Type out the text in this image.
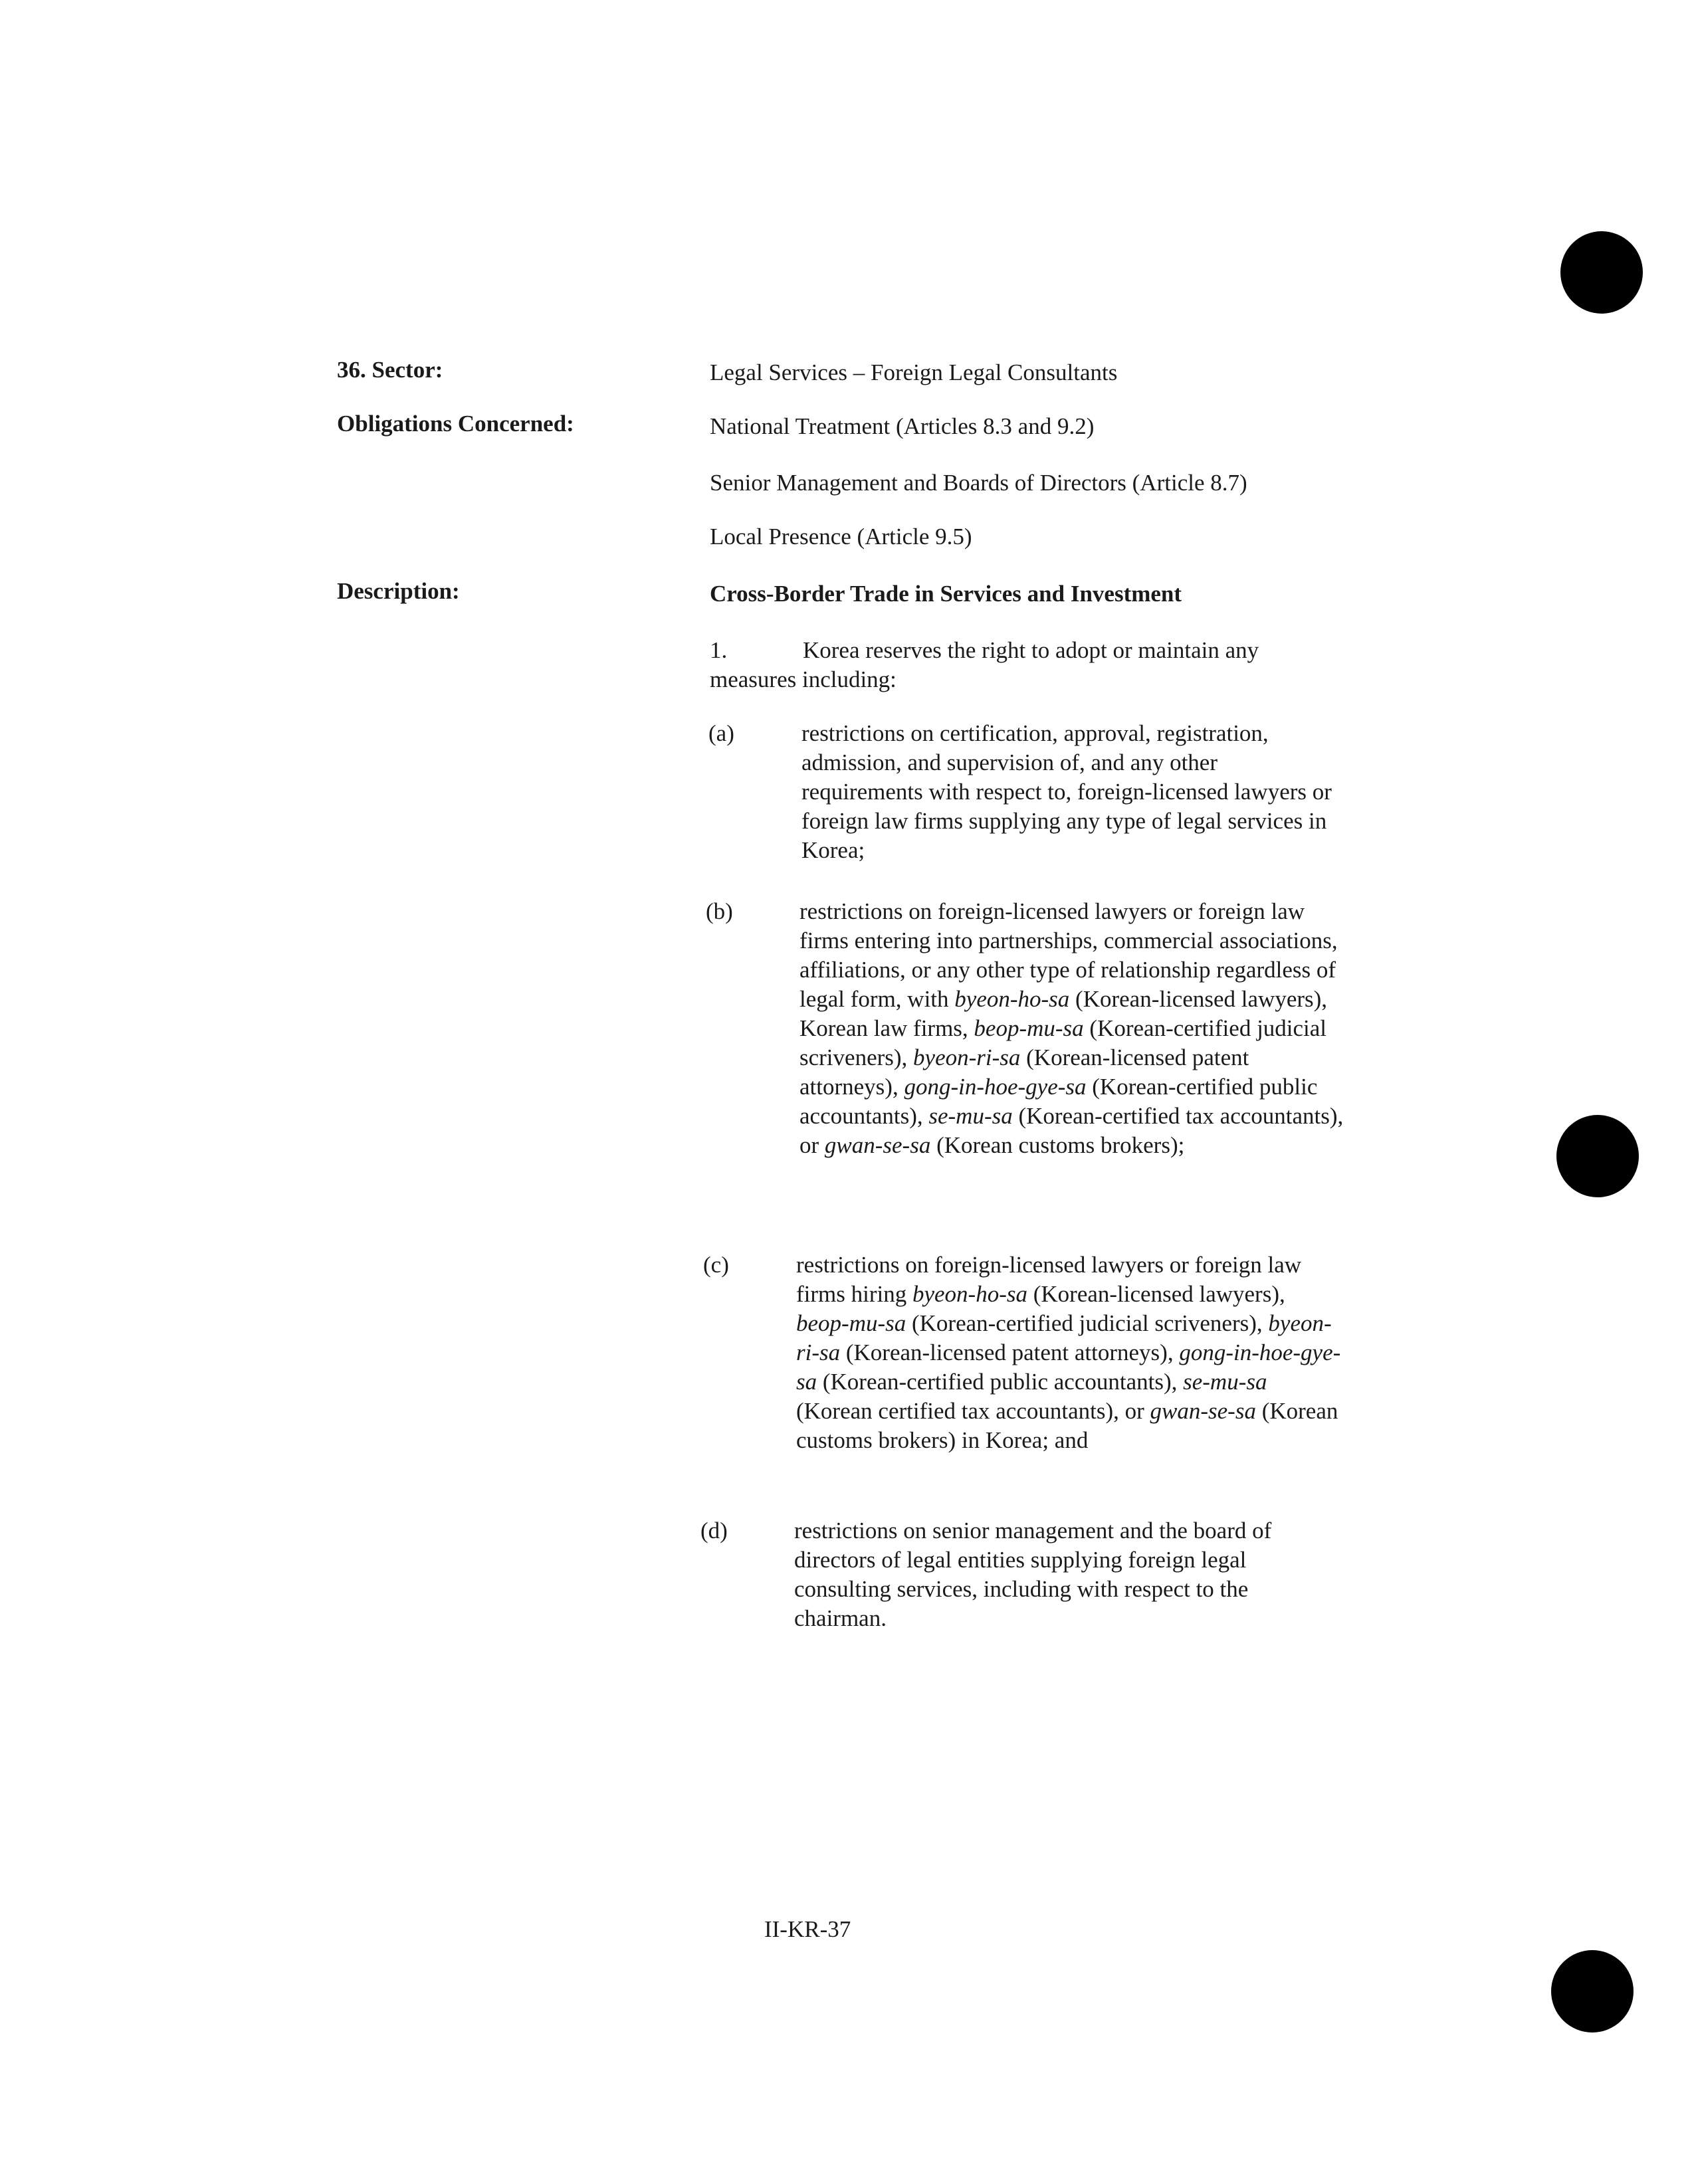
36. Sector:	Legal Services – Foreign Legal Consultants
Obligations Concerned:	National Treatment (Articles 8.3 and 9.2)
Senior Management and Boards of Directors (Article 8.7)
Local Presence (Article 9.5)
Description:	Cross-Border Trade in Services and Investment
1.	Korea reserves the right to adopt or maintain any measures including:
(a)	restrictions on certification, approval, registration, admission, and supervision of, and any other requirements with respect to, foreign-licensed lawyers or foreign law firms supplying any type of legal services in Korea;
(b)	restrictions on foreign-licensed lawyers or foreign law firms entering into partnerships, commercial associations, affiliations, or any other type of relationship regardless of legal form, with byeon-ho-sa (Korean-licensed lawyers), Korean law firms, beop-mu-sa (Korean-certified judicial scriveners), byeon-ri-sa (Korean-licensed patent attorneys), gong-in-hoe-gye-sa (Korean-certified public accountants), se-mu-sa (Korean-certified tax accountants), or gwan-se-sa (Korean customs brokers);
(c)	restrictions on foreign-licensed lawyers or foreign law firms hiring byeon-ho-sa (Korean-licensed lawyers), beop-mu-sa (Korean-certified judicial scriveners), byeon-ri-sa (Korean-licensed patent attorneys), gong-in-hoe-gye-sa (Korean-certified public accountants), se-mu-sa (Korean certified tax accountants), or gwan-se-sa (Korean customs brokers) in Korea; and
(d)	restrictions on senior management and the board of directors of legal entities supplying foreign legal consulting services, including with respect to the chairman.
II-KR-37
